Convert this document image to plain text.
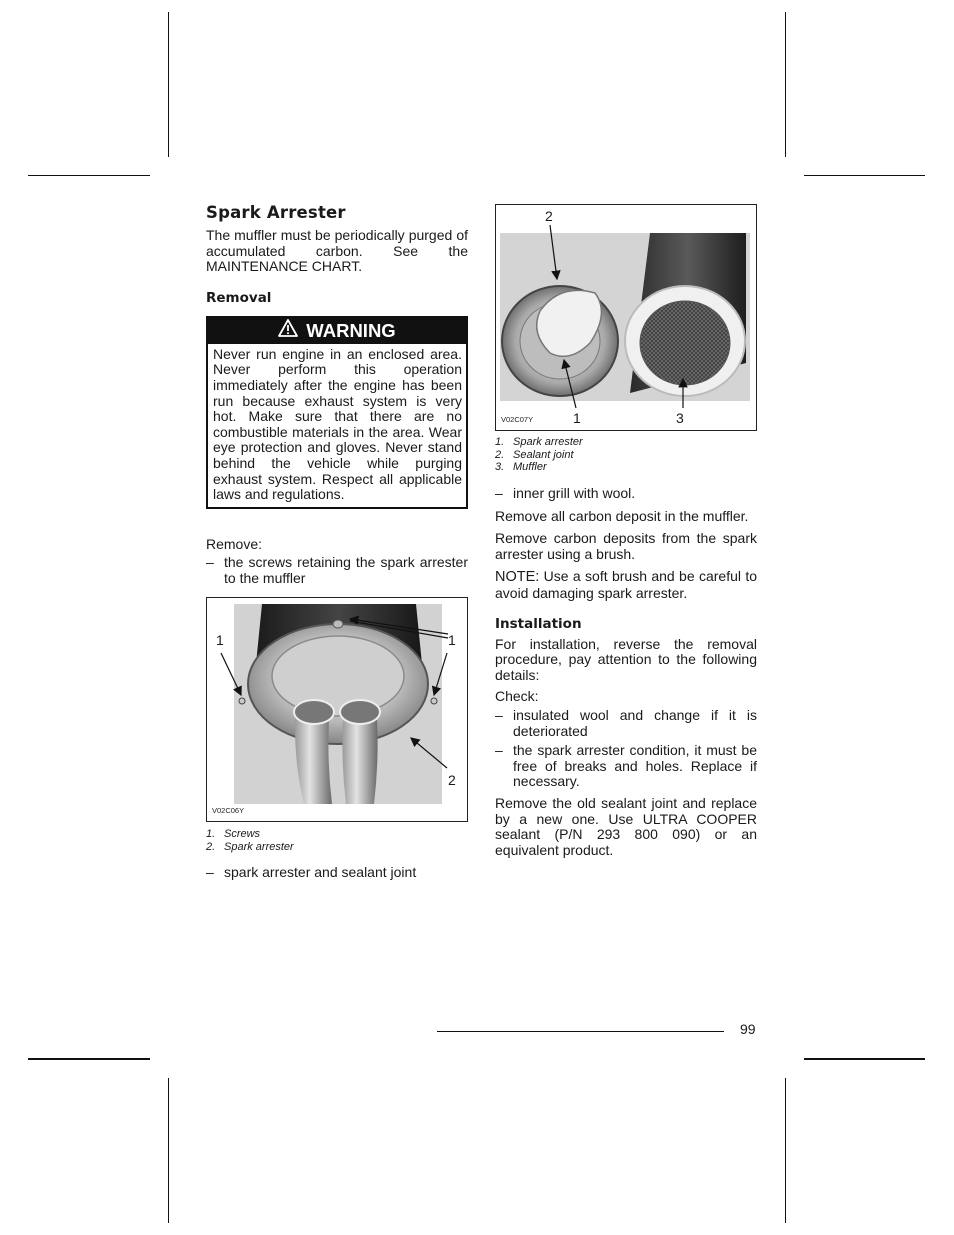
Spark Arrester

The muffler must be periodically purged of accumulated carbon. See the MAINTENANCE CHART.

Removal
WARNING
Never run engine in an enclosed area. Never perform this operation immediately after the engine has been run because exhaust system is very hot. Make sure that there are no combustible materials in the area. Wear eye protection and gloves. Never stand behind the vehicle while purging exhaust system. Respect all applicable laws and regulations.
Remove:
– the screws retaining the spark arrester to the muffler
1	1
2
V02C06Y
1. Screws
2. Spark arrester
– spark arrester and sealant joint
2
1	3
V02C07Y
1. Spark arrester
2. Sealant joint
3. Muffler
– inner grill with wool.

Remove all carbon deposit in the muffler.

Remove carbon deposits from the spark arrester using a brush.

NOTE: Use a soft brush and be careful to avoid damaging spark arrester.

Installation

For installation, reverse the removal procedure, pay attention to the following details:

Check:

– insulated wool and change if it is deteriorated
– the spark arrester condition, it must be free of breaks and holes. Replace if necessary.

Remove the old sealant joint and replace by a new one. Use ULTRA COOPER sealant (P/N 293 800 090) or an equivalent product.

99
